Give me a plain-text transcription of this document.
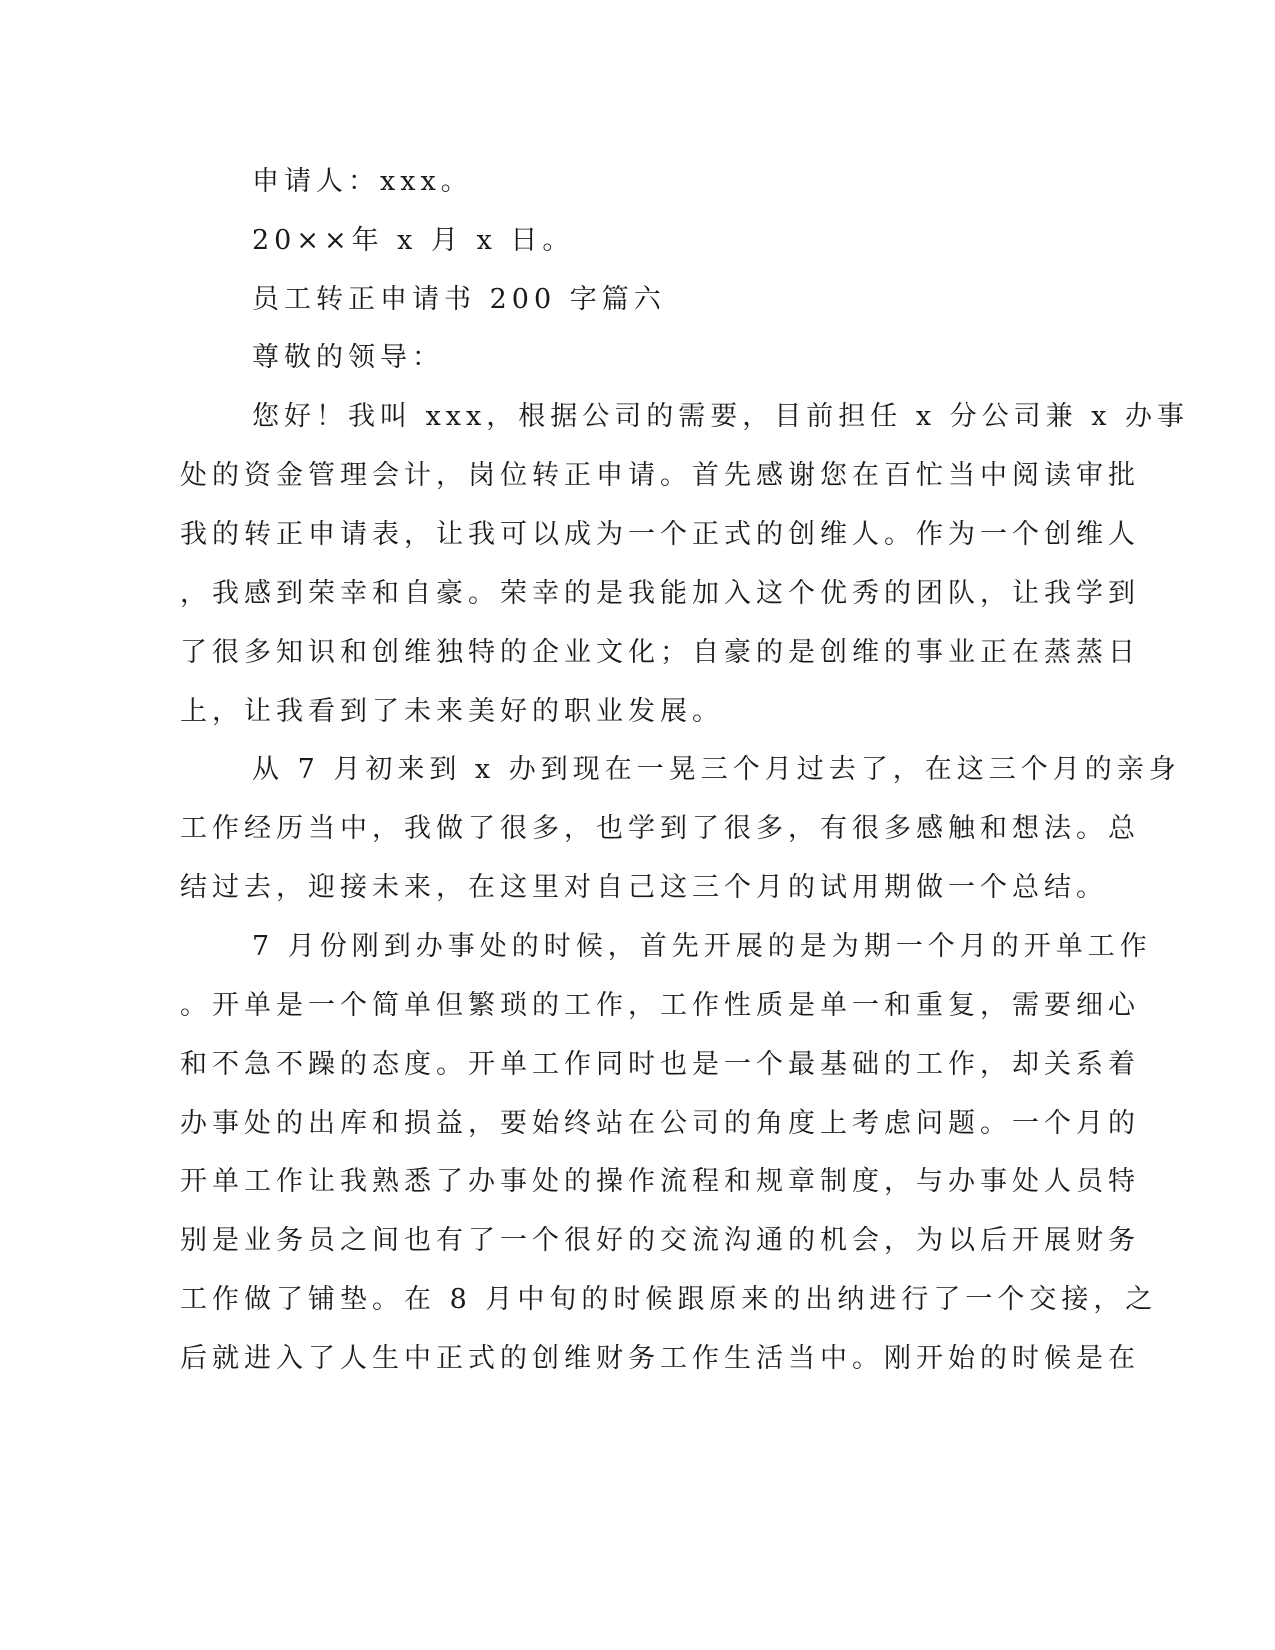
申请人：xxx。
20××年 x 月 x 日。
员工转正申请书 200 字篇六
尊敬的领导：
您好！我叫 xxx，根据公司的需要，目前担任 x 分公司兼 x 办事
处的资金管理会计，岗位转正申请。首先感谢您在百忙当中阅读审批
我的转正申请表，让我可以成为一个正式的创维人。作为一个创维人
，我感到荣幸和自豪。荣幸的是我能加入这个优秀的团队，让我学到
了很多知识和创维独特的企业文化；自豪的是创维的事业正在蒸蒸日
上，让我看到了未来美好的职业发展。
从 7 月初来到 x 办到现在一晃三个月过去了，在这三个月的亲身
工作经历当中，我做了很多，也学到了很多，有很多感触和想法。总
结过去，迎接未来，在这里对自己这三个月的试用期做一个总结。
7 月份刚到办事处的时候，首先开展的是为期一个月的开单工作
。开单是一个简单但繁琐的工作，工作性质是单一和重复，需要细心
和不急不躁的态度。开单工作同时也是一个最基础的工作，却关系着
办事处的出库和损益，要始终站在公司的角度上考虑问题。一个月的
开单工作让我熟悉了办事处的操作流程和规章制度，与办事处人员特
别是业务员之间也有了一个很好的交流沟通的机会，为以后开展财务
工作做了铺垫。在 8 月中旬的时候跟原来的出纳进行了一个交接，之
后就进入了人生中正式的创维财务工作生活当中。刚开始的时候是在
